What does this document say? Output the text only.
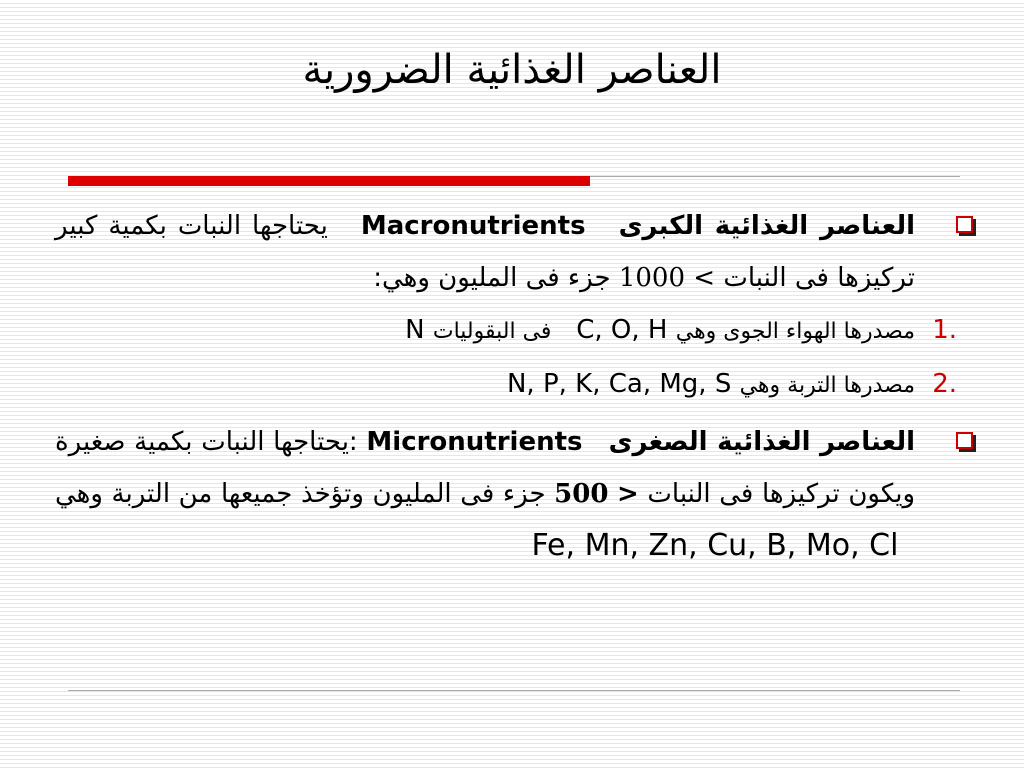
العناصر الغذائية الضرورية
العناصر الغذائية الكبرى   Macronutrients   يحتاجها النبات بكمية كبير تركيزها فى النبات > 1000 جزء فى المليون وهي:
1.
مصدرها الهواء الجوى وهي C, O, H   فى البقوليات N
2.
مصدرها التربة وهي N, P, K, Ca, Mg, S
العناصر الغذائية الصغرى   Micronutrients :يحتاجها النبات بكمية صغيرة ويكون تركيزها فى النبات < 500 جزء فى المليون وتؤخذ جميعها من التربة وهي   Fe, Mn, Zn, Cu, B, Mo, Cl
